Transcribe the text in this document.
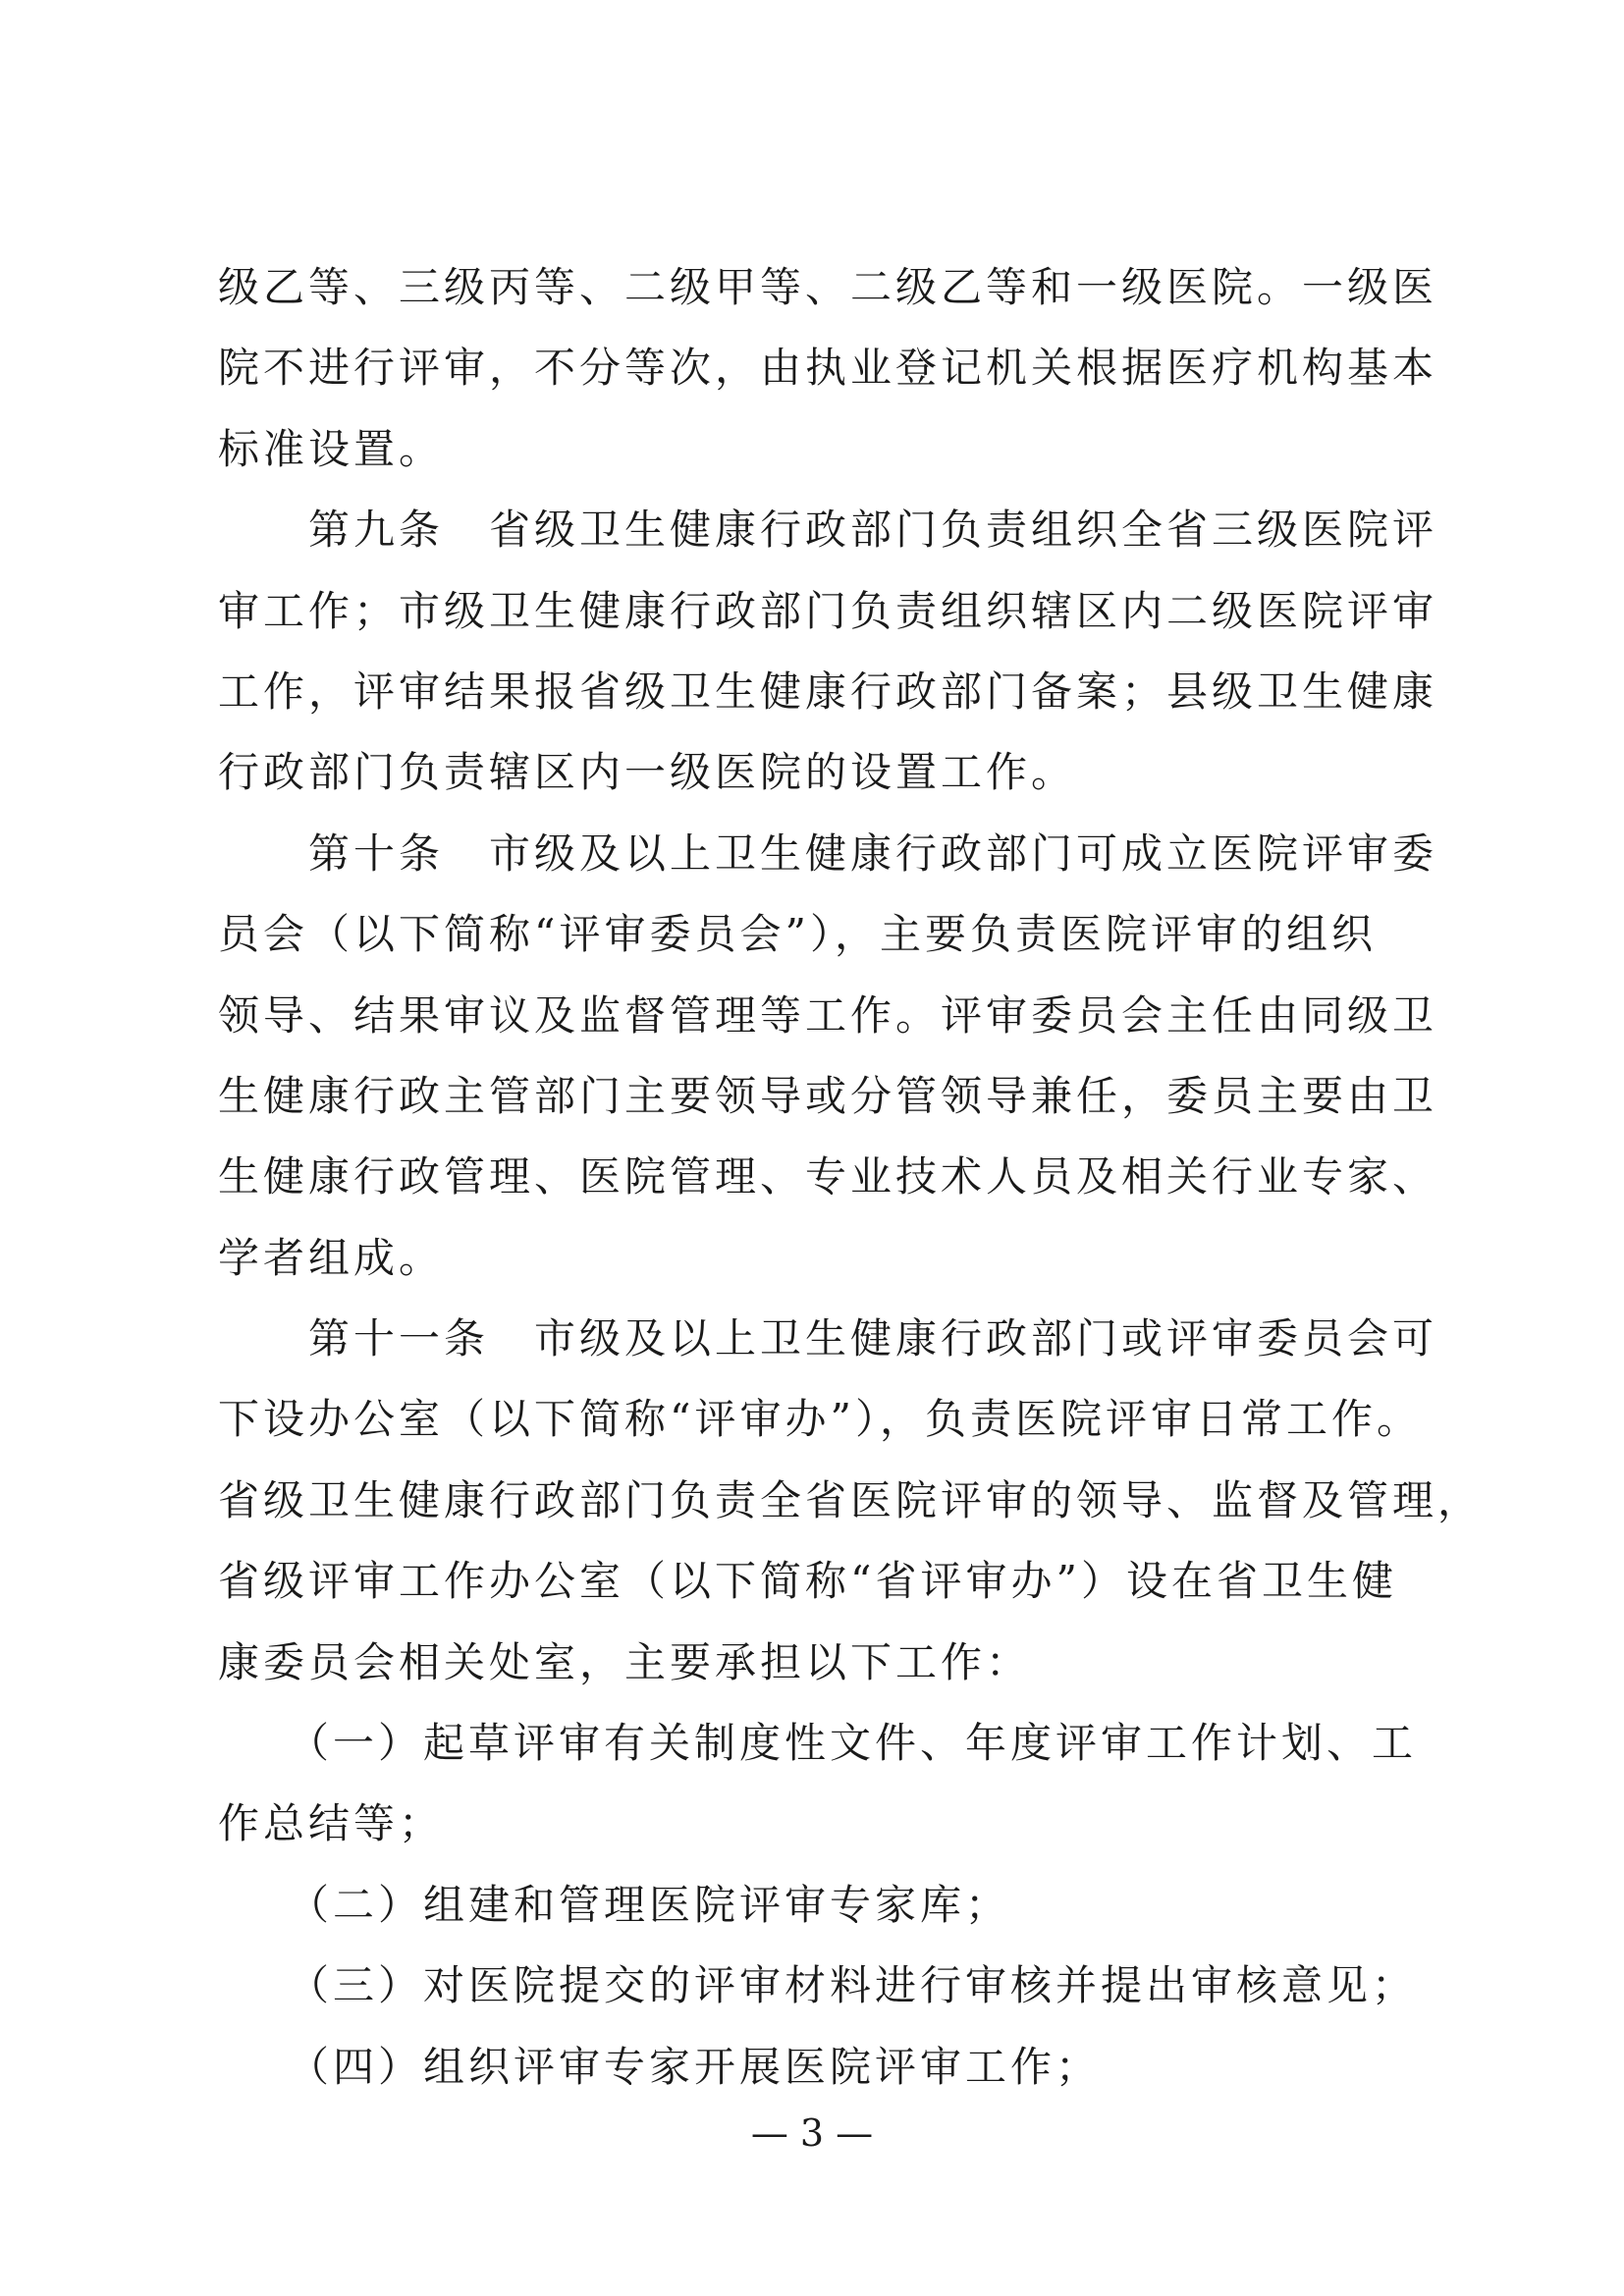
级乙等、三级丙等、二级甲等、二级乙等和一级医院。一级医
院不进行评审，不分等次，由执业登记机关根据医疗机构基本
标准设置。
　　第九条　省级卫生健康行政部门负责组织全省三级医院评
审工作；市级卫生健康行政部门负责组织辖区内二级医院评审
工作，评审结果报省级卫生健康行政部门备案；县级卫生健康
行政部门负责辖区内一级医院的设置工作。
　　第十条　市级及以上卫生健康行政部门可成立医院评审委
员会（以下简称“评审委员会”），主要负责医院评审的组织
领导、结果审议及监督管理等工作。评审委员会主任由同级卫
生健康行政主管部门主要领导或分管领导兼任，委员主要由卫
生健康行政管理、医院管理、专业技术人员及相关行业专家、
学者组成。
　　第十一条　市级及以上卫生健康行政部门或评审委员会可
下设办公室（以下简称“评审办”），负责医院评审日常工作。
省级卫生健康行政部门负责全省医院评审的领导、监督及管理，
省级评审工作办公室（以下简称“省评审办”）设在省卫生健
康委员会相关处室，主要承担以下工作：
　　（一）起草评审有关制度性文件、年度评审工作计划、工
作总结等；
　　（二）组建和管理医院评审专家库；
　　（三）对医院提交的评审材料进行审核并提出审核意见；
　　（四）组织评审专家开展医院评审工作；
— 3 —
